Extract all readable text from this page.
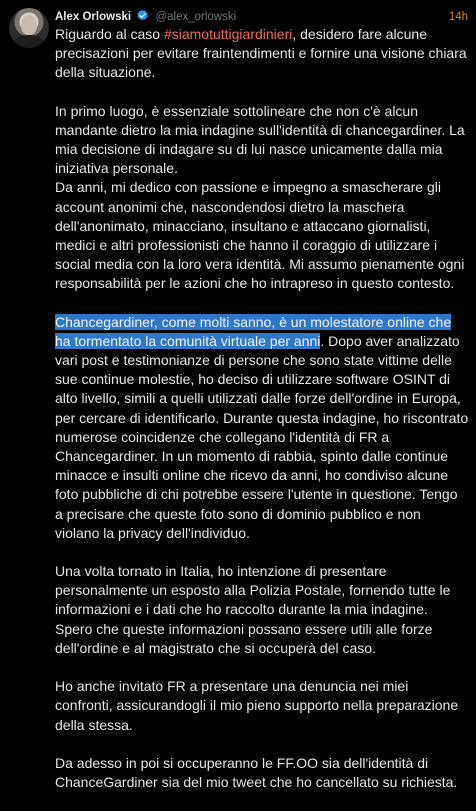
Alex Orlowski @alex_orlowski	14h

Riguardo al caso #siamotuttigiardinieri, desidero fare alcune precisazioni per evitare fraintendimenti e fornire una visione chiara della situazione.

In primo luogo, è essenziale sottolineare che non c'è alcun mandante dietro la mia indagine sull'identità di chancegardiner. La mia decisione di indagare su di lui nasce unicamente dalla mia iniziativa personale.
Da anni, mi dedico con passione e impegno a smascherare gli account anonimi che, nascondendosi dietro la maschera dell'anonimato, minacciano, insultano e attaccano giornalisti, medici e altri professionisti che hanno il coraggio di utilizzare i social media con la loro vera identità. Mi assumo pienamente ogni responsabilità per le azioni che ho intrapreso in questo contesto.

Chancegardiner, come molti sanno, è un molestatore online che ha tormentato la comunità virtuale per anni. Dopo aver analizzato vari post e testimonianze di persone che sono state vittime delle sue continue molestie, ho deciso di utilizzare software OSINT di alto livello, simili a quelli utilizzati dalle forze dell'ordine in Europa, per cercare di identificarlo. Durante questa indagine, ho riscontrato numerose coincidenze che collegano l'identità di FR a Chancegardiner. In un momento di rabbia, spinto dalle continue minacce e insulti online che ricevo da anni, ho condiviso alcune foto pubbliche di chi potrebbe essere l'utente in questione. Tengo a precisare che queste foto sono di dominio pubblico e non violano la privacy dell'individuo.

Una volta tornato in Italia, ho intenzione di presentare personalmente un esposto alla Polizia Postale, fornendo tutte le informazioni e i dati che ho raccolto durante la mia indagine. Spero che queste informazioni possano essere utili alle forze dell'ordine e al magistrato che si occuperà del caso.

Ho anche invitato FR a presentare una denuncia nei miei confronti, assicurandogli il mio pieno supporto nella preparazione della stessa.

Da adesso in poi si occuperanno le FF.OO sia dell'identità di ChanceGardiner sia del mio tweet che ho cancellato su richiesta.
